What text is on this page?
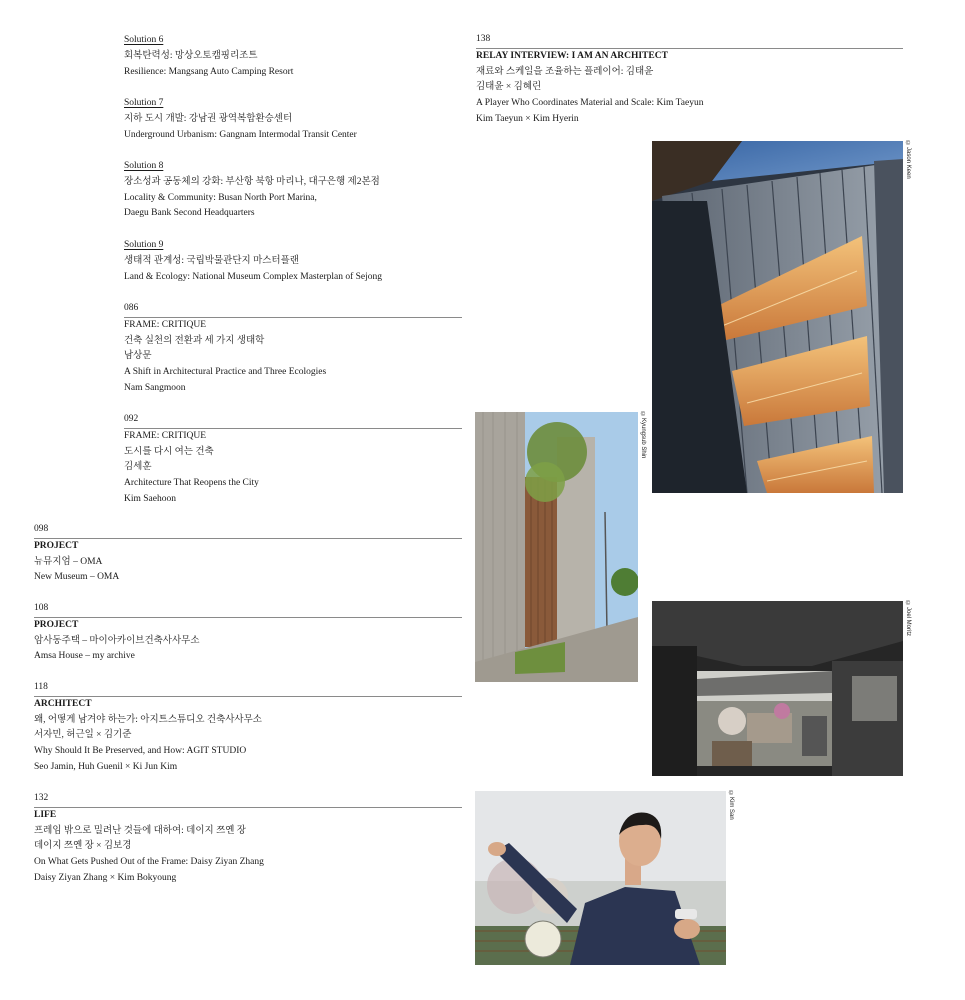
Solution 6
회복탄력성: 망상오토캠핑리조트
Resilience: Mangsang Auto Camping Resort
Solution 7
지하 도시 개발: 강남권 광역복합환승센터
Underground Urbanism: Gangnam Intermodal Transit Center
Solution 8
장소성과 공동체의 강화: 부산항 북항 마리나, 대구은행 제2본점
Locality & Community: Busan North Port Marina,
Daegu Bank Second Headquarters
Solution 9
생태적 관계성: 국립박물관단지 마스터플랜
Land & Ecology: National Museum Complex Masterplan of Sejong
086
FRAME: CRITIQUE
건축 실천의 전환과 세 가지 생태학
남상문
A Shift in Architectural Practice and Three Ecologies
Nam Sangmoon
092
FRAME: CRITIQUE
도시를 다시 여는 건축
김세훈
Architecture That Reopens the City
Kim Saehoon
098
PROJECT
뉴뮤지엄 – OMA
New Museum – OMA
108
PROJECT
암사동주택 – 마이아카이브건축사사무소
Amsa House – my archive
118
ARCHITECT
왜, 어떻게 남겨야 하는가: 아지트스튜디오 건축사사무소
서자민, 허근일 × 김기준
Why Should It Be Preserved, and How: AGIT STUDIO
Seo Jamin, Huh Guenil × Ki Jun Kim
132
LIFE
프레임 밖으로 밀려난 것들에 대하여: 데이지 쯔옌 장
데이지 쯔옌 장 × 김보경
On What Gets Pushed Out of the Frame: Daisy Ziyan Zhang
Daisy Ziyan Zhang × Kim Bokyoung
138
RELAY INTERVIEW: I AM AN ARCHITECT
재료와 스케일을 조율하는 플레이어: 김태윤
김태윤 × 김혜린
A Player Who Coordinates Material and Scale: Kim Taeyun
Kim Taeyun × Kim Hyerin
©Jason Keen
©Kyungsub Shin
©Joel Moritz
©Kim San
